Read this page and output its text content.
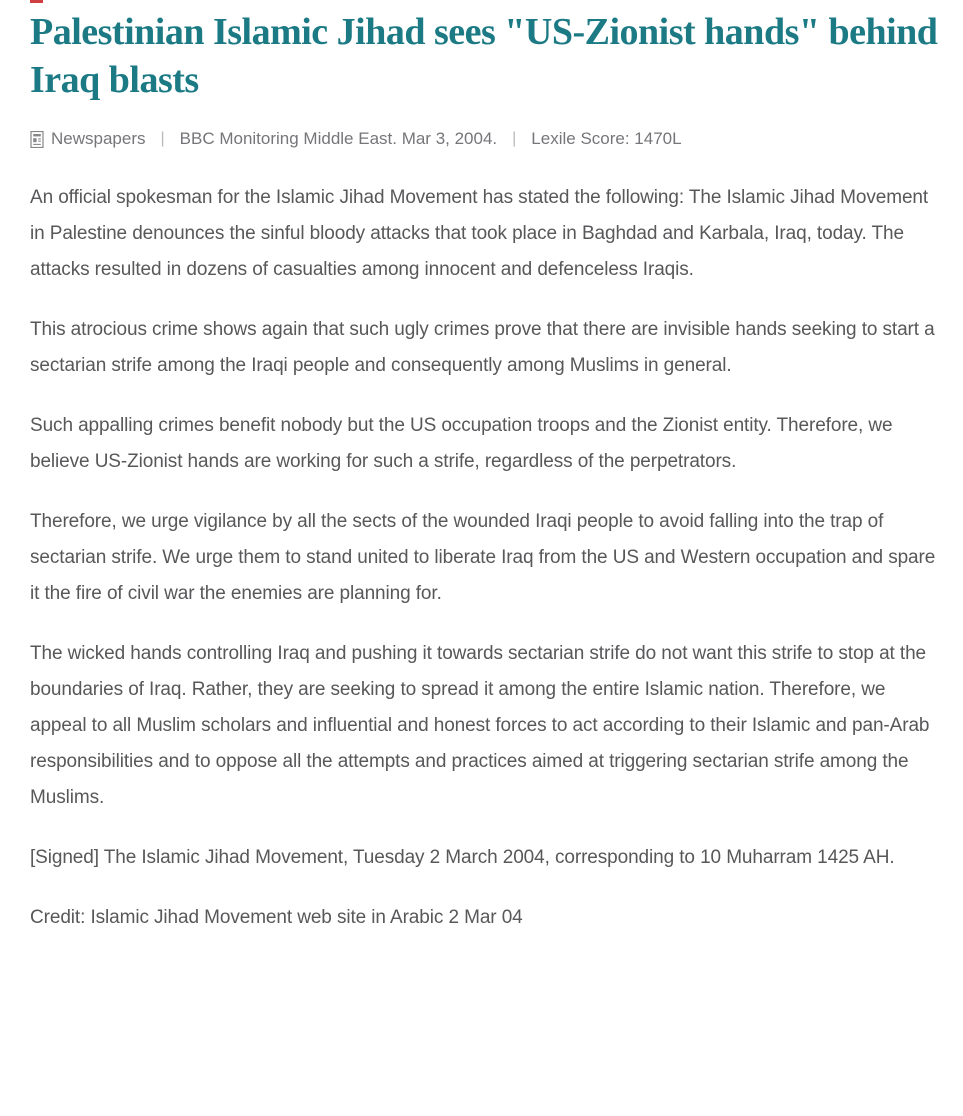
Palestinian Islamic Jihad sees "US-Zionist hands" behind Iraq blasts
Newspapers | BBC Monitoring Middle East. Mar 3, 2004. | Lexile Score: 1470L

An official spokesman for the Islamic Jihad Movement has stated the following: The Islamic Jihad Movement in Palestine denounces the sinful bloody attacks that took place in Baghdad and Karbala, Iraq, today. The attacks resulted in dozens of casualties among innocent and defenceless Iraqis.

This atrocious crime shows again that such ugly crimes prove that there are invisible hands seeking to start a sectarian strife among the Iraqi people and consequently among Muslims in general.

Such appalling crimes benefit nobody but the US occupation troops and the Zionist entity. Therefore, we believe US-Zionist hands are working for such a strife, regardless of the perpetrators.

Therefore, we urge vigilance by all the sects of the wounded Iraqi people to avoid falling into the trap of sectarian strife. We urge them to stand united to liberate Iraq from the US and Western occupation and spare it the fire of civil war the enemies are planning for.

The wicked hands controlling Iraq and pushing it towards sectarian strife do not want this strife to stop at the boundaries of Iraq. Rather, they are seeking to spread it among the entire Islamic nation. Therefore, we appeal to all Muslim scholars and influential and honest forces to act according to their Islamic and pan-Arab responsibilities and to oppose all the attempts and practices aimed at triggering sectarian strife among the Muslims.

[Signed] The Islamic Jihad Movement, Tuesday 2 March 2004, corresponding to 10 Muharram 1425 AH.

Credit: Islamic Jihad Movement web site in Arabic 2 Mar 04
